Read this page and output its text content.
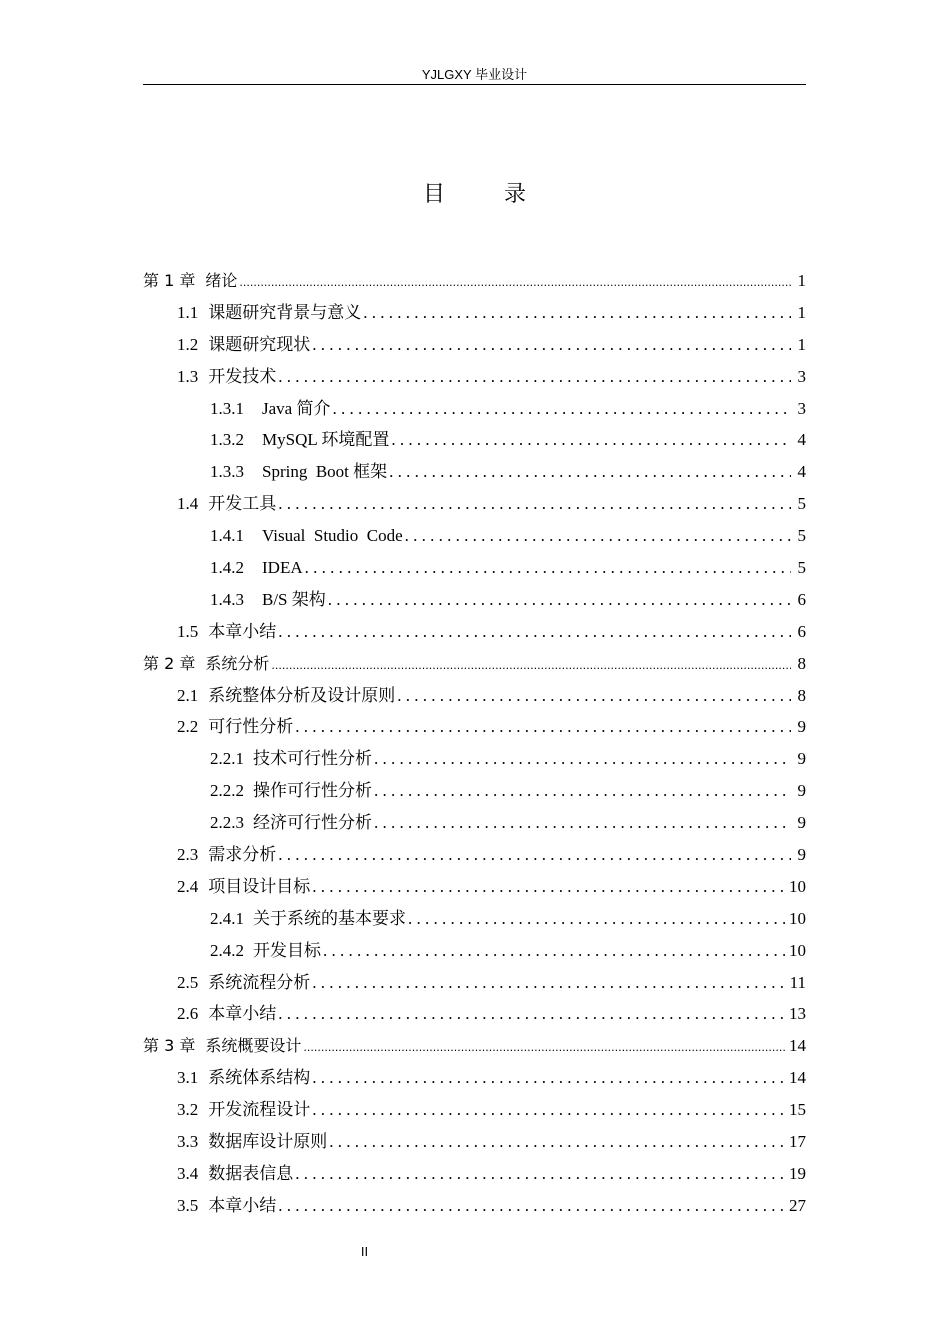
YJLGXY 毕业设计
目 录
第 1 章 绪论 .....	1
1.1 课题研究背景与意义 . . .	1
1.2 课题研究现状 . . .	1
1.3 开发技术 . . .	3
1.3.1 Java 简介 . . .	3
1.3.2 MySQL 环境配置 . . .	4
1.3.3 Spring  Boot 框架 . . .	4
1.4 开发工具 . . .	5
1.4.1 Visual  Studio  Code . . .	5
1.4.2 IDEA . . .	5
1.4.3 B/S 架构 . . .	6
1.5 本章小结 . . .	6
第 2 章 系统分析 .....	8
2.1 系统整体分析及设计原则 . . .	8
2.2 可行性分析 . . .	9
2.2.1 技术可行性分析 . . .	9
2.2.2 操作可行性分析 . . .	9
2.2.3 经济可行性分析 . . .	9
2.3 需求分析 . . .	9
2.4 项目设计目标 . . .	10
2.4.1 关于系统的基本要求 . . .	10
2.4.2 开发目标 . . .	10
2.5 系统流程分析 . . .	11
2.6 本章小结 . . .	13
第 3 章 系统概要设计 .....	14
3.1 系统体系结构 . . .	14
3.2 开发流程设计 . . .	15
3.3 数据库设计原则 . . .	17
3.4 数据表信息 . . .	19
3.5 本章小结 . . .	27
II
